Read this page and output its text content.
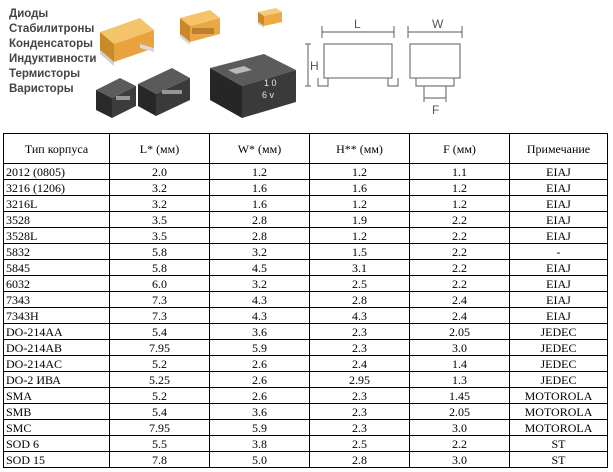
Диоды
Стабилитроны
Конденсаторы
Индуктивности
Термисторы
Варисторы	1 0
6 v
L	W
H
F
Тип корпуса	L* (мм)	W* (мм)	H** (мм)	F (мм)	Примечание
2012 (0805)	2.0	1.2	1.2	1.1	EIAJ
3216 (1206)	3.2	1.6	1.6	1.2	EIAJ
3216L	3.2	1.6	1.2	1.2	EIAJ
3528	3.5	2.8	1.9	2.2	EIAJ
3528L	3.5	2.8	1.2	2.2	EIAJ
5832	5.8	3.2	1.5	2.2	-
5845	5.8	4.5	3.1	2.2	EIAJ
6032	6.0	3.2	2.5	2.2	EIAJ
7343	7.3	4.3	2.8	2.4	EIAJ
7343H	7.3	4.3	4.3	2.4	EIAJ
DO-214AA	5.4	3.6	2.3	2.05	JEDEC
DO-214AB	7.95	5.9	2.3	3.0	JEDEC
DO-214AC	5.2	2.6	2.4	1.4	JEDEC
DO-2 ИВА	5.25	2.6	2.95	1.3	JEDEC
SMA	5.2	2.6	2.3	1.45	MOTOROLA
SMB	5.4	3.6	2.3	2.05	MOTOROLA
SMC	7.95	5.9	2.3	3.0	MOTOROLA
SOD 6	5.5	3.8	2.5	2.2	ST
SOD 15	7.8	5.0	2.8	3.0	ST
